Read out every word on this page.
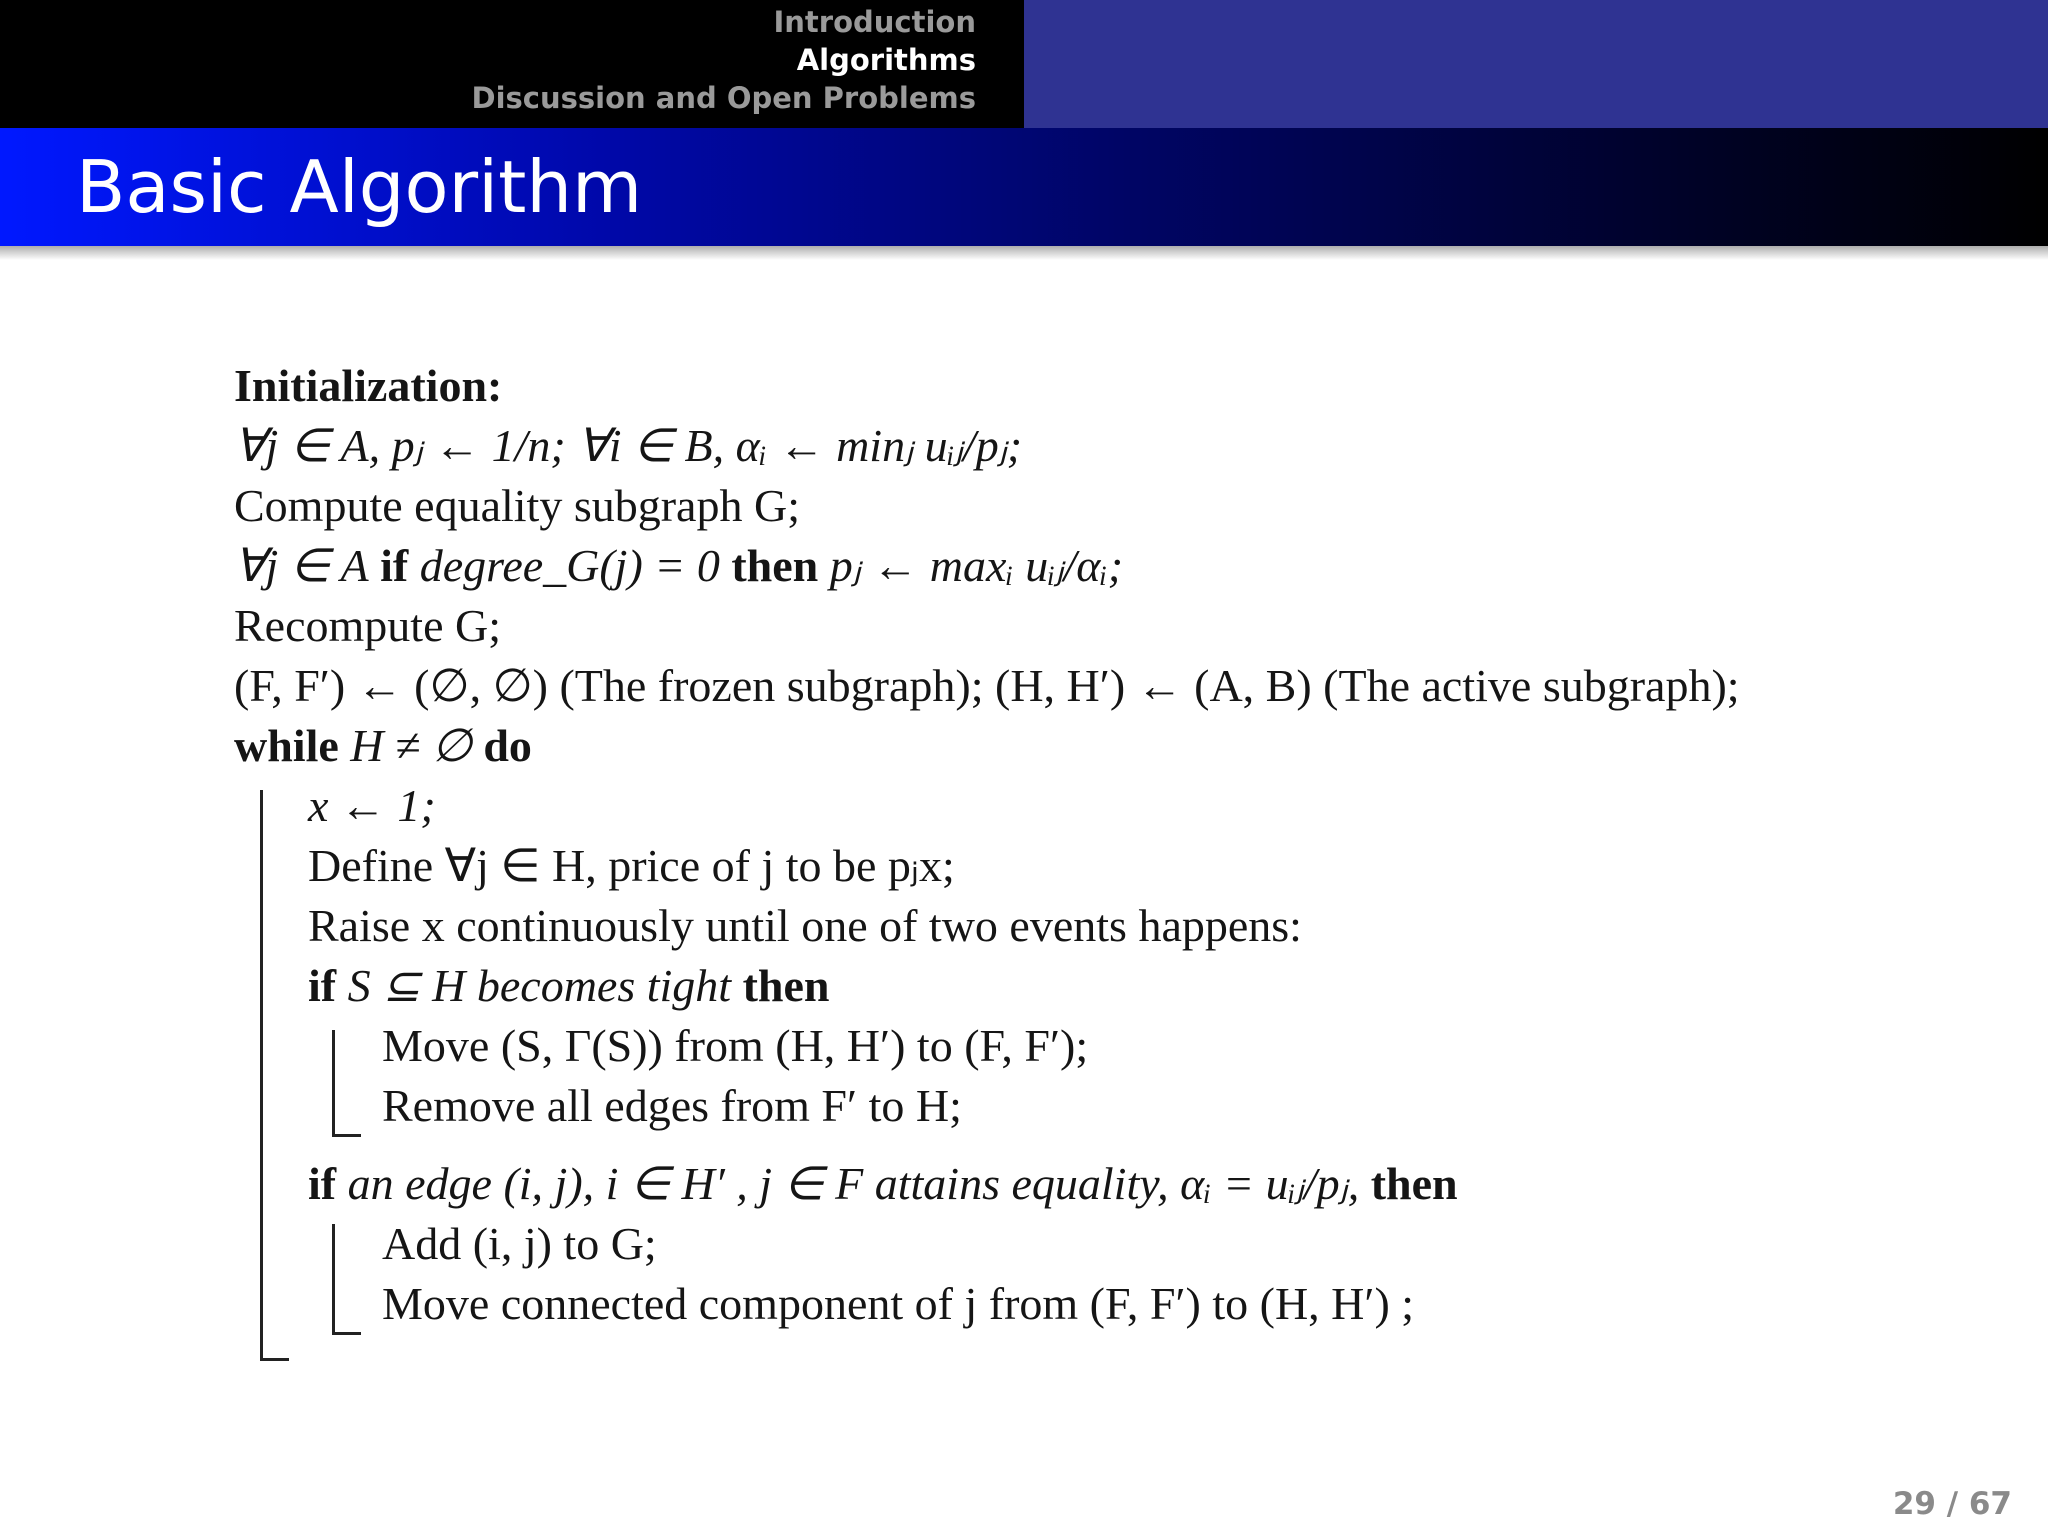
Introduction
Algorithms
Discussion and Open Problems
Basic Algorithm
Initialization:
∀j ∈ A, pⱼ ← 1/n; ∀i ∈ B, αᵢ ← minⱼ uᵢⱼ/pⱼ;
Compute equality subgraph G;
∀j ∈ A if degree_G(j) = 0 then pⱼ ← maxᵢ uᵢⱼ/αᵢ;
Recompute G;
(F, F′) ← (∅, ∅) (The frozen subgraph); (H, H′) ← (A, B) (The active subgraph);
while H ≠ ∅ do
x ← 1;
Define ∀j ∈ H, price of j to be pⱼx;
Raise x continuously until one of two events happens:
if S ⊆ H becomes tight then
Move (S, Γ(S)) from (H, H′) to (F, F′);
Remove all edges from F′ to H;
if an edge (i, j), i ∈ H′ , j ∈ F attains equality, αᵢ = uᵢⱼ/pⱼ, then
Add (i, j) to G;
Move connected component of j from (F, F′) to (H, H′) ;
29 / 67
